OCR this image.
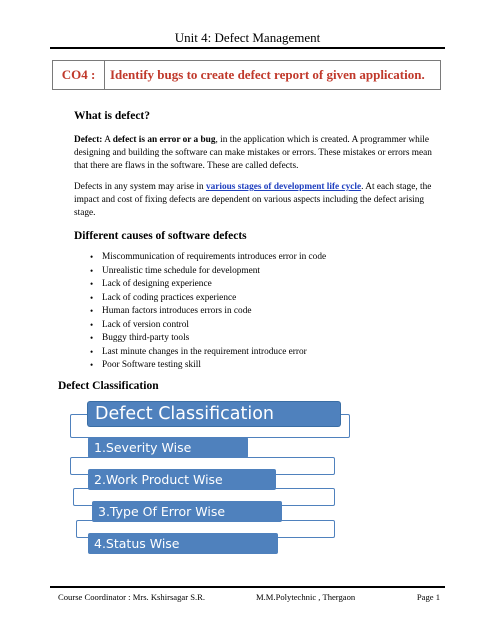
Unit 4: Defect Management
CO4 :	Identify bugs to create defect report of given application.
What is defect?

Defect: A defect is an error or a bug, in the application which is created. A programmer while designing and building the software can make mistakes or errors. These mistakes or errors mean that there are flaws in the software. These are called defects.

Defects in any system may arise in various stages of development life cycle. At each stage, the impact and cost of fixing defects are dependent on various aspects including the defect arising stage.

Different causes of software defects
• Miscommunication of requirements introduces error in code
• Unrealistic time schedule for development
• Lack of designing experience
• Lack of coding practices experience
• Human factors introduces errors in code
• Lack of version control
• Buggy third-party tools
• Last minute changes in the requirement introduce error
• Poor Software testing skill
Defect Classification
Defect Classification
1.Severity Wise
2.Work Product Wise
3.Type Of Error Wise
4.Status Wise
Course Coordinator : Mrs. Kshirsagar S.R.	M.M.Polytechnic , Thergaon	Page 1
